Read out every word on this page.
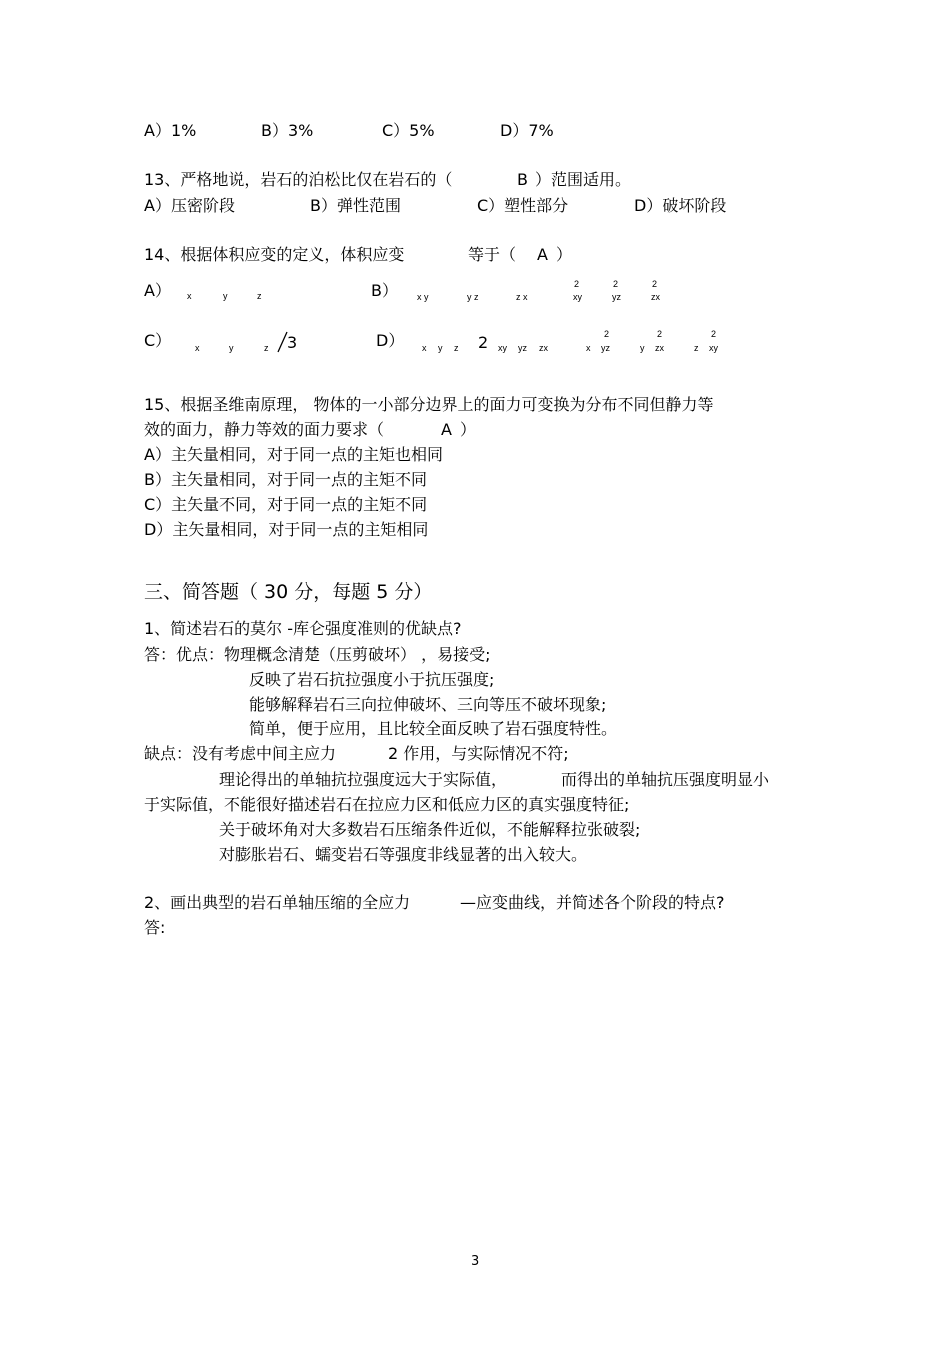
A）1%	B）3%	C）5%	D）7%
13、严格地说，岩石的泊松比仅在岩石的（	B ）范围适用。
A）压密阶段	B）弹性范围	C）塑性部分	D）破坏阶段
14、根据体积应变的定义，体积应变	等于（ A ）
A） x	y	z	B） x y	y z	z x
2	2	2
xy	yz	zx
C）	x	y	z 3	D） x y z 2 xy yz zx
2	2	2
x yz	y zx	z xy
15、根据圣维南原理， 物体的一小部分边界上的面力可变换为分布不同但静力等
效的面力，静力等效的面力要求（	A ）
A）主矢量相同，对于同一点的主矩也相同
B）主矢量相同，对于同一点的主矩不同
C）主矢量不同，对于同一点的主矩不同
D）主矢量相同，对于同一点的主矩相同
三、简答题（ 30 分，每题 5 分）
1、简述岩石的莫尔 -库仑强度准则的优缺点?
答：优点：物理概念清楚（压剪破坏） ，易接受;
反映了岩石抗拉强度小于抗压强度;
能够解释岩石三向拉伸破坏、三向等压不破坏现象;
简单，便于应用，且比较全面反映了岩石强度特性。
缺点：没有考虑中间主应力	2 作用，与实际情况不符;
理论得出的单轴抗拉强度远大于实际值，	而得出的单轴抗压强度明显小
于实际值，不能很好描述岩石在拉应力区和低应力区的真实强度特征;
关于破坏角对大多数岩石压缩条件近似，不能解释拉张破裂;
对膨胀岩石、蠕变岩石等强度非线显著的出入较大。
2、画出典型的岩石单轴压缩的全应力	—应变曲线，并简述各个阶段的特点?
答:
3
